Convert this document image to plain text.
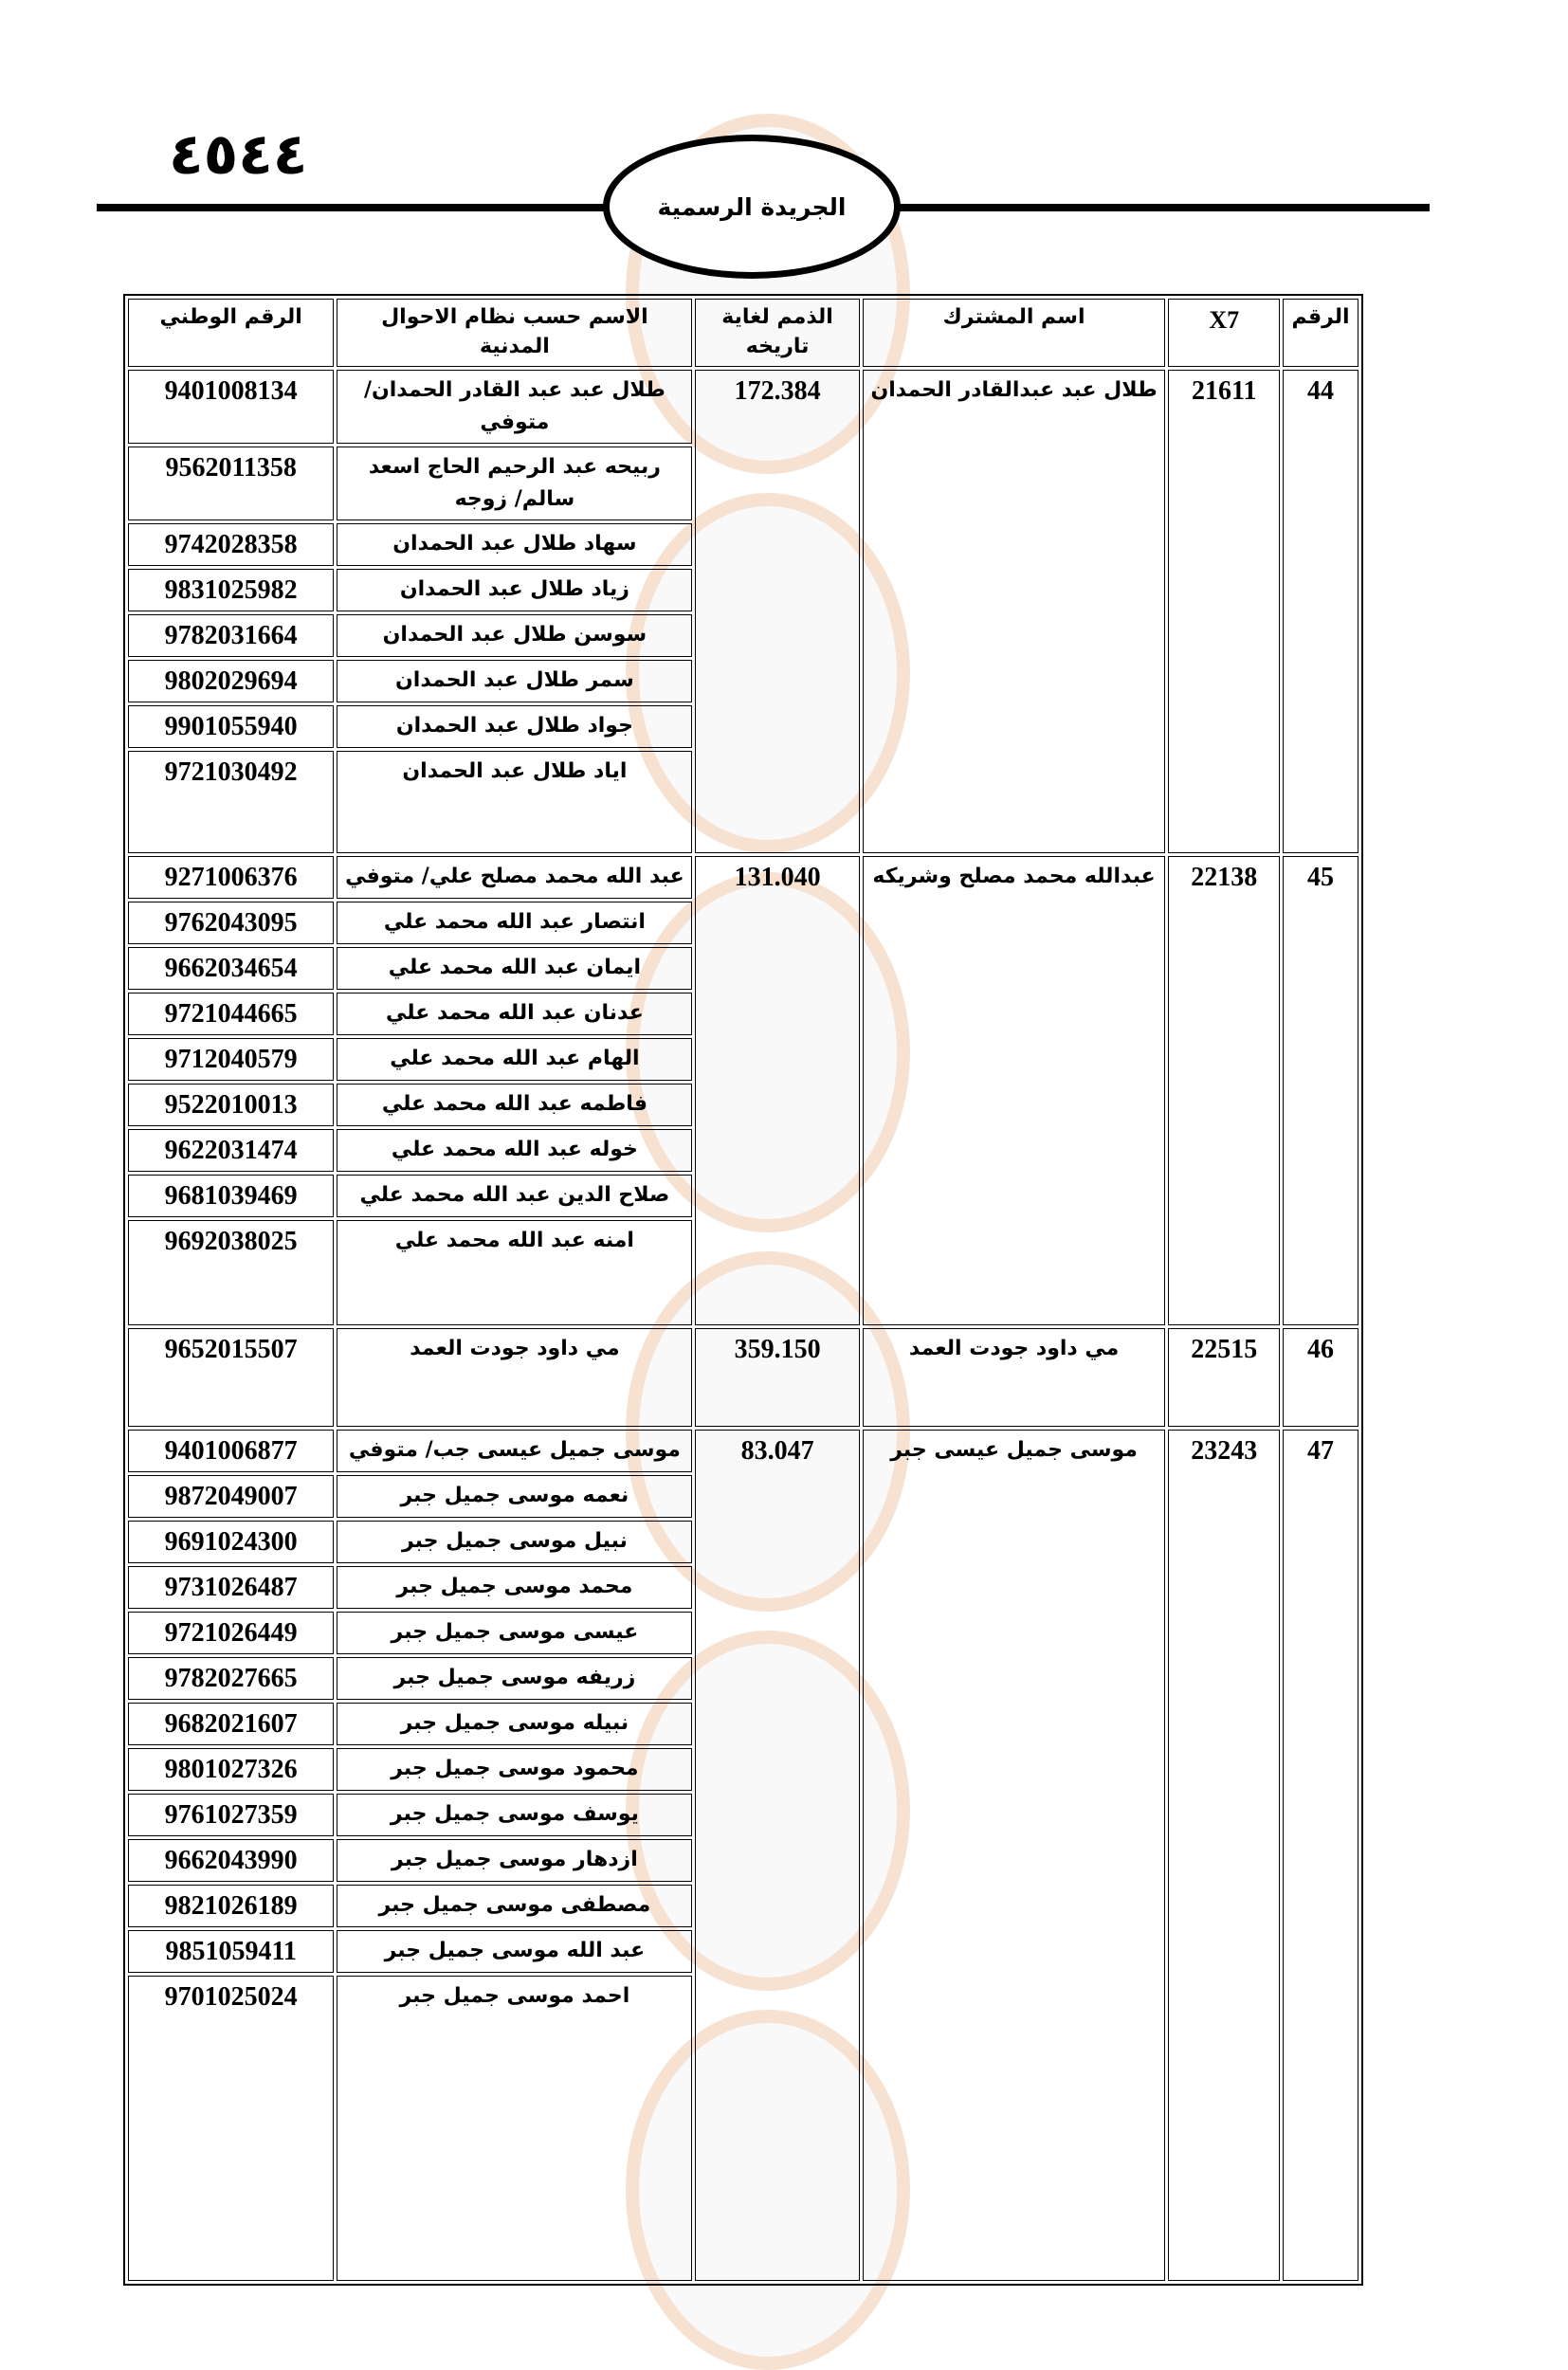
٤٥٤٤
الجريدة الرسمية
الرقم	X7	اسم المشترك	الذمم لغاية تاريخه	الاسم حسب نظام الاحوال المدنية	الرقم الوطني
44	21611	طلال عبد عبدالقادر الحمدان	172.384	طلال عبد عبد القادر الحمدان/ متوفي	9401008134
				ربيحه عبد الرحيم الحاج اسعد سالم/ زوجه	9562011358
				سهاد طلال عبد الحمدان	9742028358
				زياد طلال عبد الحمدان	9831025982
				سوسن طلال عبد الحمدان	9782031664
				سمر طلال عبد الحمدان	9802029694
				جواد طلال عبد الحمدان	9901055940
				اياد طلال عبد الحمدان	9721030492
45	22138	عبدالله محمد مصلح وشريكه	131.040	عبد الله محمد مصلح علي/ متوفي	9271006376
				انتصار عبد الله محمد علي	9762043095
				ايمان عبد الله محمد علي	9662034654
				عدنان عبد الله محمد علي	9721044665
				الهام عبد الله محمد علي	9712040579
				فاطمه عبد الله محمد علي	9522010013
				خوله عبد الله محمد علي	9622031474
				صلاح الدين عبد الله محمد علي	9681039469
				امنه عبد الله محمد علي	9692038025
46	22515	مي داود جودت العمد	359.150	مي داود جودت العمد	9652015507
47	23243	موسى جميل عيسى جبر	83.047	موسى جميل عيسى جب/ متوفي	9401006877
				نعمه موسى جميل جبر	9872049007
				نبيل موسى جميل جبر	9691024300
				محمد موسى جميل جبر	9731026487
				عيسى موسى جميل جبر	9721026449
				زريفه موسى جميل جبر	9782027665
				نبيله موسى جميل جبر	9682021607
				محمود موسى جميل جبر	9801027326
				يوسف موسى جميل جبر	9761027359
				ازدهار موسى جميل جبر	9662043990
				مصطفى موسى جميل جبر	9821026189
				عبد الله موسى جميل جبر	9851059411
				احمد موسى جميل جبر	9701025024
